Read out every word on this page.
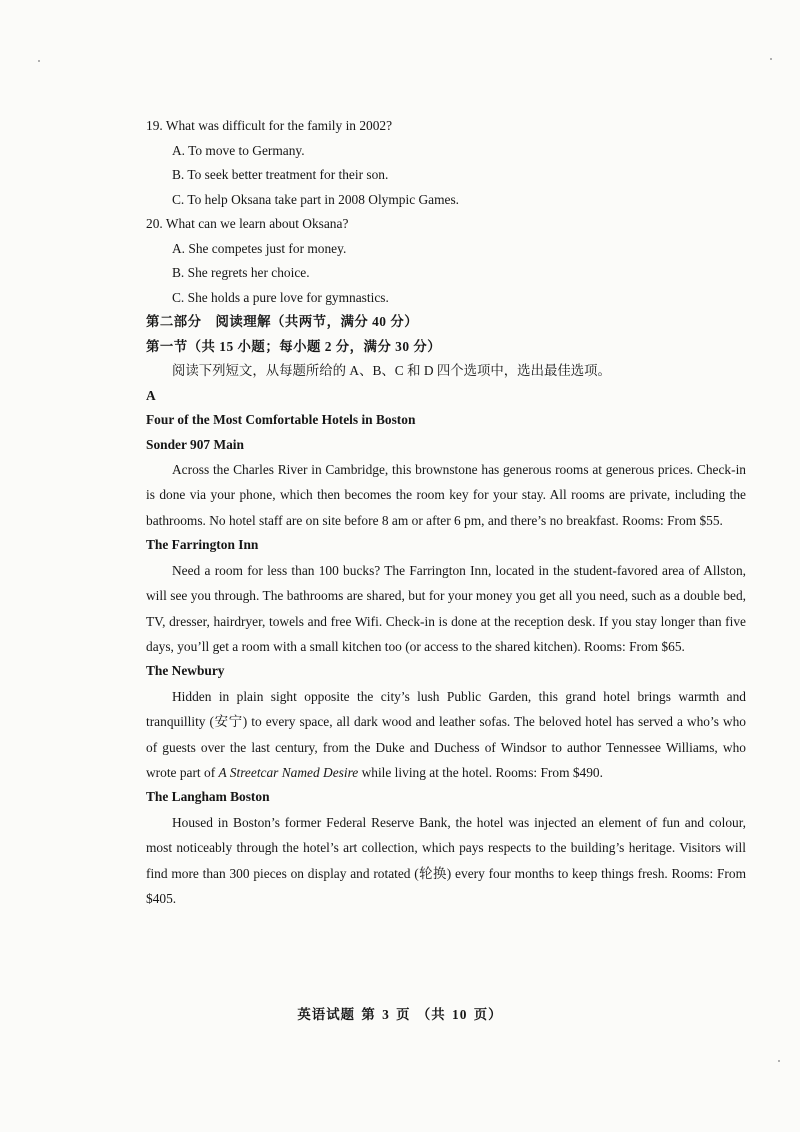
19. What was difficult for the family in 2002?
A. To move to Germany.
B. To seek better treatment for their son.
C. To help Oksana take part in 2008 Olympic Games.
20. What can we learn about Oksana?
A. She competes just for money.
B. She regrets her choice.
C. She holds a pure love for gymnastics.
第二部分　阅读理解（共两节，满分 40 分）
第一节（共 15 小题；每小题 2 分，满分 30 分）
阅读下列短文，从每题所给的 A、B、C 和 D 四个选项中，选出最佳选项。
A
Four of the Most Comfortable Hotels in Boston
Sonder 907 Main

Across the Charles River in Cambridge, this brownstone has generous rooms at generous prices. Check-in is done via your phone, which then becomes the room key for your stay. All rooms are private, including the bathrooms. No hotel staff are on site before 8 am or after 6 pm, and there’s no breakfast. Rooms: From $55.

The Farrington Inn

Need a room for less than 100 bucks? The Farrington Inn, located in the student-favored area of Allston, will see you through. The bathrooms are shared, but for your money you get all you need, such as a double bed, TV, dresser, hairdryer, towels and free Wifi. Check-in is done at the reception desk. If you stay longer than five days, you’ll get a room with a small kitchen too (or access to the shared kitchen). Rooms: From $65.

The Newbury

Hidden in plain sight opposite the city’s lush Public Garden, this grand hotel brings warmth and tranquillity (安宁) to every space, all dark wood and leather sofas. The beloved hotel has served a who’s who of guests over the last century, from the Duke and Duchess of Windsor to author Tennessee Williams, who wrote part of A Streetcar Named Desire while living at the hotel. Rooms: From $490.

The Langham Boston

Housed in Boston’s former Federal Reserve Bank, the hotel was injected an element of fun and colour, most noticeably through the hotel’s art collection, which pays respects to the building’s heritage. Visitors will find more than 300 pieces on display and rotated (轮换) every four months to keep things fresh. Rooms: From $405.

英语试题 第 3 页 （共 10 页）
